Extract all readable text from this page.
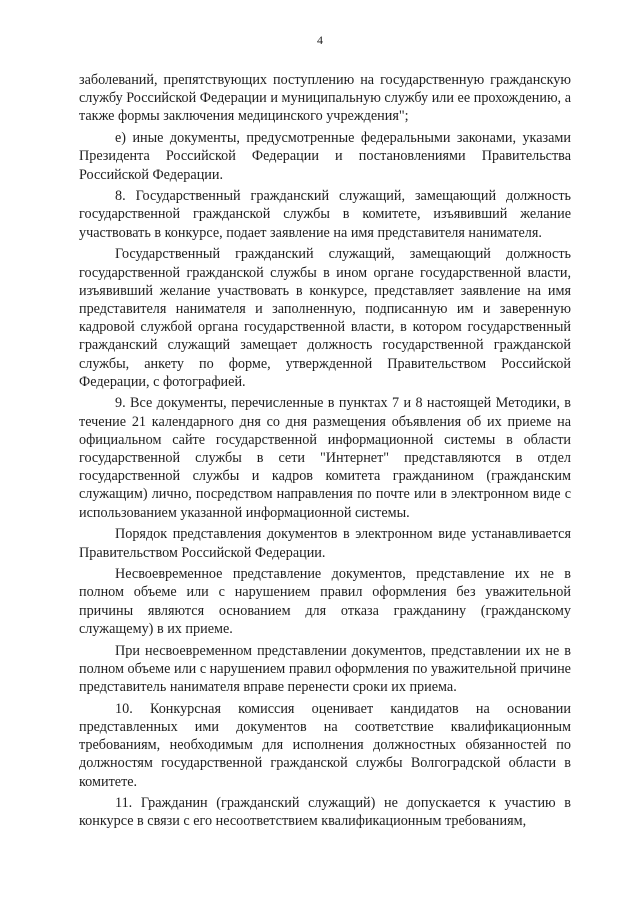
4

заболеваний, препятствующих поступлению на государственную гражданскую службу Российской Федерации и муниципальную службу или ее прохождению, а также формы заключения медицинского учреждения";

е) иные документы, предусмотренные федеральными законами, указами Президента Российской Федерации и постановлениями Правительства Российской Федерации.

8. Государственный гражданский служащий, замещающий должность государственной гражданской службы в комитете, изъявивший желание участвовать в конкурсе, подает заявление на имя представителя нанимателя.

Государственный гражданский служащий, замещающий должность государственной гражданской службы в ином органе государственной власти, изъявивший желание участвовать в конкурсе, представляет заявление на имя представителя нанимателя и заполненную, подписанную им и заверенную кадровой службой органа государственной власти, в котором государственный гражданский служащий замещает должность государственной гражданской службы, анкету по форме, утвержденной Правительством Российской Федерации, с фотографией.

9. Все документы, перечисленные в пунктах 7 и 8 настоящей Методики, в течение 21 календарного дня со дня размещения объявления об их приеме на официальном сайте государственной информационной системы в области государственной службы в сети "Интернет" представляются в отдел государственной службы и кадров комитета гражданином (гражданским служащим) лично, посредством направления по почте или в электронном виде с использованием указанной информационной системы.

Порядок представления документов в электронном виде устанавливается Правительством Российской Федерации.

Несвоевременное представление документов, представление их не в полном объеме или с нарушением правил оформления без уважительной причины являются основанием для отказа гражданину (гражданскому служащему) в их приеме.

При несвоевременном представлении документов, представлении их не в полном объеме или с нарушением правил оформления по уважительной причине представитель нанимателя вправе перенести сроки их приема.

10. Конкурсная комиссия оценивает кандидатов на основании представленных ими документов на соответствие квалификационным требованиям, необходимым для исполнения должностных обязанностей по должностям государственной гражданской службы Волгоградской области в комитете.

11. Гражданин (гражданский служащий) не допускается к участию в конкурсе в связи с его несоответствием квалификационным требованиям,
